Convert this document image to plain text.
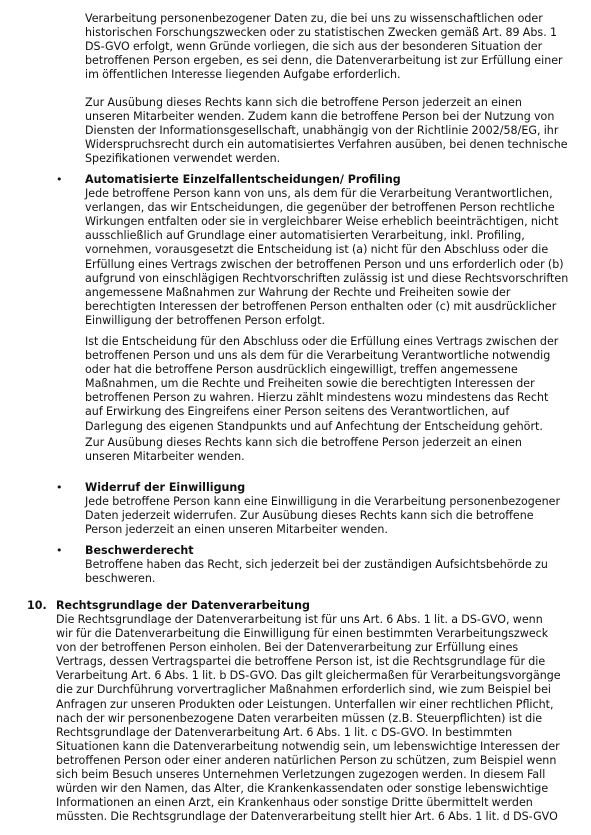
Verarbeitung personenbezogener Daten zu, die bei uns zu wissenschaftlichen oder
historischen Forschungszwecken oder zu statistischen Zwecken gemäß Art. 89 Abs. 1
DS-GVO erfolgt, wenn Gründe vorliegen, die sich aus der besonderen Situation der
betroffenen Person ergeben, es sei denn, die Datenverarbeitung ist zur Erfüllung einer
im öffentlichen Interesse liegenden Aufgabe erforderlich.

Zur Ausübung dieses Rechts kann sich die betroffene Person jederzeit an einen
unseren Mitarbeiter wenden. Zudem kann die betroffene Person bei der Nutzung von
Diensten der Informationsgesellschaft, unabhängig von der Richtlinie 2002/58/EG, ihr
Widerspruchsrecht durch ein automatisiertes Verfahren ausüben, bei denen technische
Spezifikationen verwendet werden.

• Automatisierte Einzelfallentscheidungen/ Profiling

Jede betroffene Person kann von uns, als dem für die Verarbeitung Verantwortlichen,
verlangen, das wir Entscheidungen, die gegenüber der betroffenen Person rechtliche
Wirkungen entfalten oder sie in vergleichbarer Weise erheblich beeinträchtigen, nicht
ausschließlich auf Grundlage einer automatisierten Verarbeitung, inkl. Profiling,
vornehmen, vorausgesetzt die Entscheidung ist (a) nicht für den Abschluss oder die
Erfüllung eines Vertrags zwischen der betroffenen Person und uns erforderlich oder (b)
aufgrund von einschlägigen Rechtvorschriften zulässig ist und diese Rechtsvorschriften
angemessene Maßnahmen zur Wahrung der Rechte und Freiheiten sowie der
berechtigten Interessen der betroffenen Person enthalten oder (c) mit ausdrücklicher
Einwilligung der betroffenen Person erfolgt.

Ist die Entscheidung für den Abschluss oder die Erfüllung eines Vertrags zwischen der
betroffenen Person und uns als dem für die Verarbeitung Verantwortliche notwendig
oder hat die betroffene Person ausdrücklich eingewilligt, treffen angemessene
Maßnahmen, um die Rechte und Freiheiten sowie die berechtigten Interessen der
betroffenen Person zu wahren. Hierzu zählt mindestens wozu mindestens das Recht
auf Erwirkung des Eingreifens einer Person seitens des Verantwortlichen, auf
Darlegung des eigenen Standpunkts und auf Anfechtung der Entscheidung gehört.

Zur Ausübung dieses Rechts kann sich die betroffene Person jederzeit an einen
unseren Mitarbeiter wenden.

• Widerruf der Einwilligung

Jede betroffene Person kann eine Einwilligung in die Verarbeitung personenbezogener
Daten jederzeit widerrufen. Zur Ausübung dieses Rechts kann sich die betroffene
Person jederzeit an einen unseren Mitarbeiter wenden.

• Beschwerderecht

Betroffene haben das Recht, sich jederzeit bei der zuständigen Aufsichtsbehörde zu
beschweren.

10. Rechtsgrundlage der Datenverarbeitung

Die Rechtsgrundlage der Datenverarbeitung ist für uns Art. 6 Abs. 1 lit. a DS-GVO, wenn
wir für die Datenverarbeitung die Einwilligung für einen bestimmten Verarbeitungszweck
von der betroffenen Person einholen. Bei der Datenverarbeitung zur Erfüllung eines
Vertrags, dessen Vertragspartei die betroffene Person ist, ist die Rechtsgrundlage für die
Verarbeitung Art. 6 Abs. 1 lit. b DS-GVO. Das gilt gleichermaßen für Verarbeitungsvorgänge
die zur Durchführung vorvertraglicher Maßnahmen erforderlich sind, wie zum Beispiel bei
Anfragen zur unseren Produkten oder Leistungen. Unterfallen wir einer rechtlichen Pflicht,
nach der wir personenbezogene Daten verarbeiten müssen (z.B. Steuerpflichten) ist die
Rechtsgrundlage der Datenverarbeitung Art. 6 Abs. 1 lit. c DS-GVO. In bestimmten
Situationen kann die Datenverarbeitung notwendig sein, um lebenswichtige Interessen der
betroffenen Person oder einer anderen natürlichen Person zu schützen, zum Beispiel wenn
sich beim Besuch unseres Unternehmen Verletzungen zugezogen werden. In diesem Fall
würden wir den Namen, das Alter, die Krankenkassendaten oder sonstige lebenswichtige
Informationen an einen Arzt, ein Krankenhaus oder sonstige Dritte übermittelt werden
müssten. Die Rechtsgrundlage der Datenverarbeitung stellt hier Art. 6 Abs. 1 lit. d DS-GVO
